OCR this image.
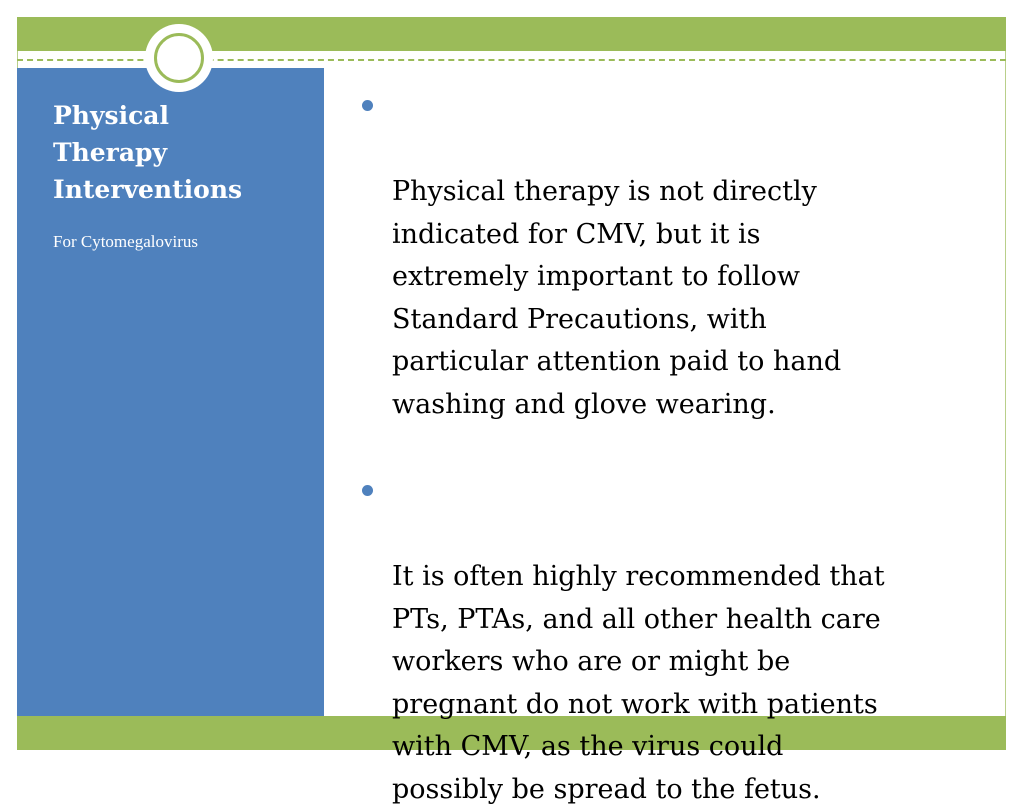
Physical
Therapy
Interventions
For Cytomegalovirus

Physical therapy is not directly
indicated for CMV, but it is
extremely important to follow
Standard Precautions, with
particular attention paid to hand
washing and glove wearing.

It is often highly recommended that
PTs, PTAs, and all other health care
workers who are or might be
pregnant do not work with patients
with CMV, as the virus could
possibly be spread to the fetus.
